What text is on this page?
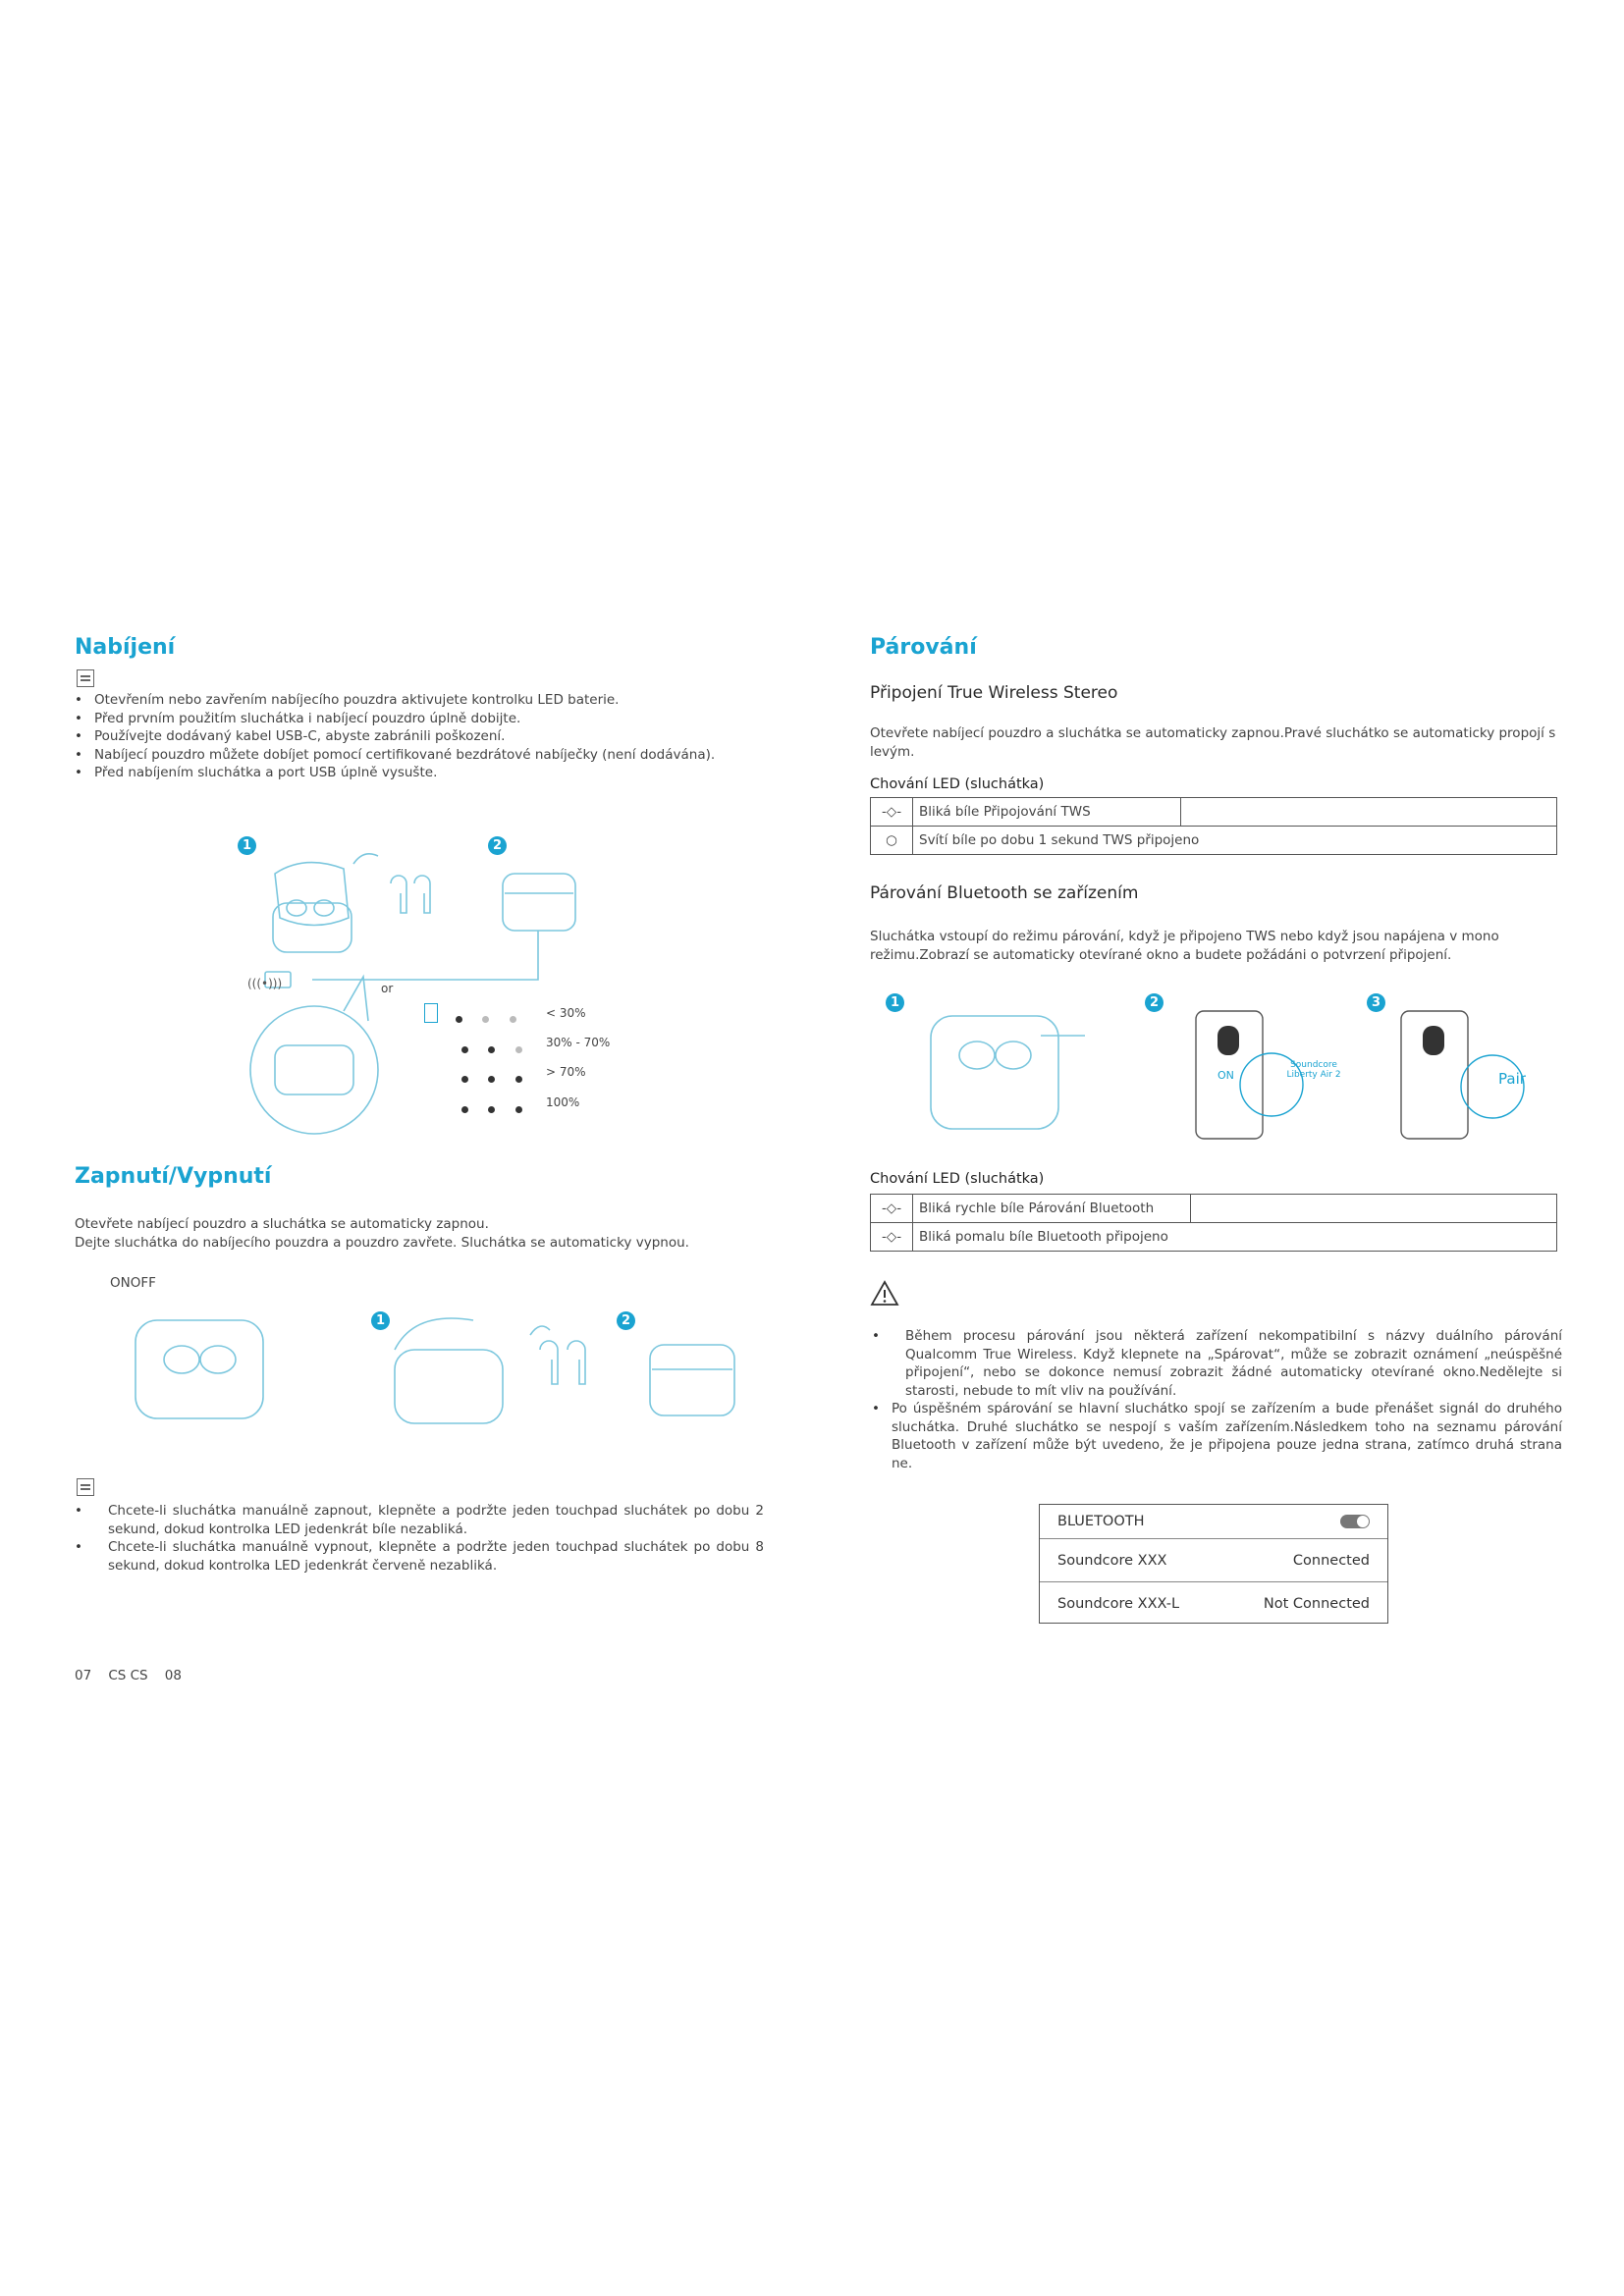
Nabíjení
• Otevřením nebo zavřením nabíjecího pouzdra aktivujete kontrolku LED baterie.
• Před prvním použitím sluchátka i nabíjecí pouzdro úplně dobijte.
• Používejte dodávaný kabel USB-C, abyste zabránili poškození.
• Nabíjecí pouzdro můžete dobíjet pomocí certifikované bezdrátové nabíječky (není dodávána).
• Před nabíjením sluchátka a port USB úplně vysušte.
1	2
(((•)))	or

< 30%

30% - 70%

> 70%

100%
Zapnutí/Vypnutí
Otevřete nabíjecí pouzdro a sluchátka se automaticky zapnou.
Dejte sluchátka do nabíjecího pouzdra a pouzdro zavřete. Sluchátka se automaticky vypnou.
ONOFF
1	2
• Chcete-li sluchátka manuálně zapnout, klepněte a podržte jeden touchpad sluchátek po dobu 2 sekund, dokud kontrolka LED jedenkrát bíle nezabliká.
• Chcete-li sluchátka manuálně vypnout, klepněte a podržte jeden touchpad sluchátek po dobu 8 sekund, dokud kontrolka LED jedenkrát červeně nezabliká.
07    CS CS    08
Párování
Připojení True Wireless Stereo
Otevřete nabíjecí pouzdro a sluchátka se automaticky zapnou.Pravé sluchátko se automaticky propojí s levým.
Chování LED (sluchátka)
-◇-	Bliká bíle Připojování TWS	
○	Svítí bíle po dobu 1 sekund TWS připojeno	
Párování Bluetooth se zařízením
Sluchátka vstoupí do režimu párování, když je připojeno TWS nebo když jsou napájena v mono režimu.Zobrazí se automaticky otevírané okno a budete požádáni o potvrzení připojení.
1	2	3
ON
Soundcore Liberty Air 2	Pair
Chování LED (sluchátka)
-◇-	Bliká rychle bíle Párování Bluetooth	
-◇-	Bliká pomalu bíle Bluetooth připojeno	
• Během procesu párování jsou některá zařízení nekompatibilní s názvy duálního párování Qualcomm True Wireless. Když klepnete na „Spárovat“, může se zobrazit oznámení „neúspěšné připojení“, nebo se dokonce nemusí zobrazit žádné automaticky otevírané okno.Nedělejte si starosti, nebude to mít vliv na používání.
• Po úspěšném spárování se hlavní sluchátko spojí se zařízením a bude přenášet signál do druhého sluchátka. Druhé sluchátko se nespojí s vaším zařízením.Následkem toho na seznamu párování Bluetooth v zařízení může být uvedeno, že je připojena pouze jedna strana, zatímco druhá strana ne.
BLUETOOTH
Soundcore XXX	Connected
Soundcore XXX-L	Not Connected
